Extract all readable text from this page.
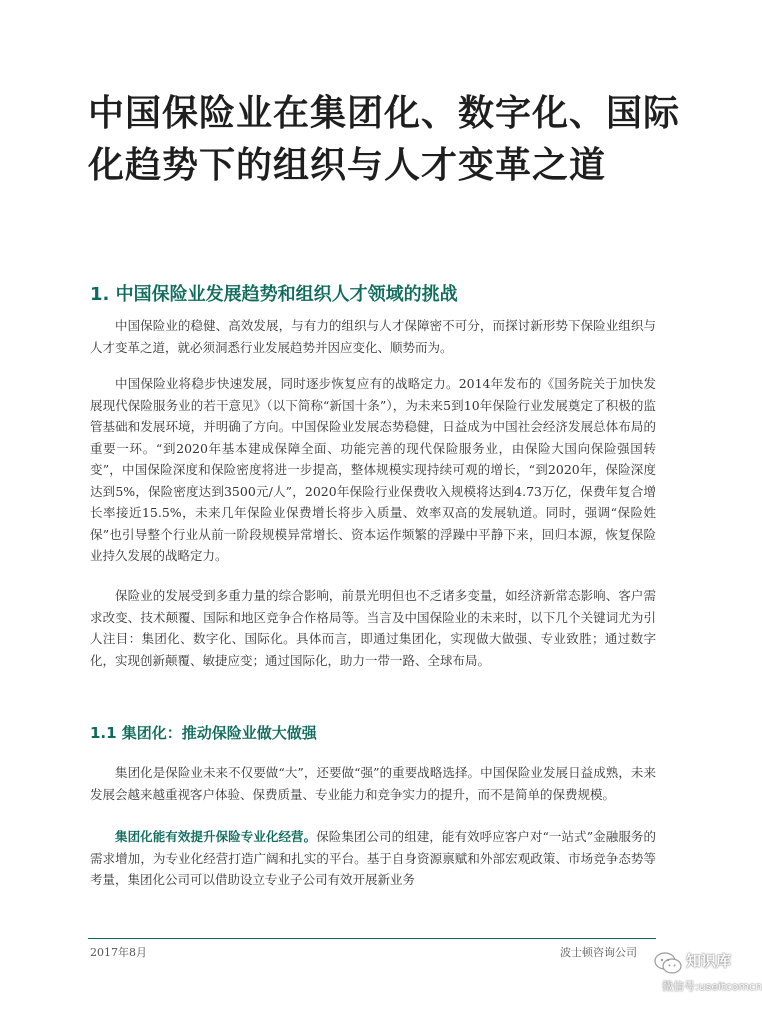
中国保险业在集团化、数字化、国际
化趋势下的组织与人才变革之道
1. 中国保险业发展趋势和组织人才领域的挑战

中国保险业的稳健、高效发展，与有力的组织与人才保障密不可分，而探讨新形势下保险业组织与人才变革之道，就必须洞悉行业发展趋势并因应变化、顺势而为。

中国保险业将稳步快速发展，同时逐步恢复应有的战略定力。2014年发布的《国务院关于加快发展现代保险服务业的若干意见》（以下简称“新国十条”），为未来5到10年保险行业发展奠定了积极的监管基础和发展环境，并明确了方向。中国保险业发展态势稳健，日益成为中国社会经济发展总体布局的重要一环。“到2020年基本建成保障全面、功能完善的现代保险服务业，由保险大国向保险强国转变”，中国保险深度和保险密度将进一步提高，整体规模实现持续可观的增长，“到2020年，保险深度达到5%，保险密度达到3500元/人”，2020年保险行业保费收入规模将达到4.73万亿，保费年复合增长率接近15.5%，未来几年保险业保费增长将步入质量、效率双高的发展轨道。同时，强调“保险姓保”也引导整个行业从前一阶段规模异常增长、资本运作频繁的浮躁中平静下来，回归本源，恢复保险业持久发展的战略定力。

保险业的发展受到多重力量的综合影响，前景光明但也不乏诸多变量，如经济新常态影响、客户需求改变、技术颠覆、国际和地区竞争合作格局等。当言及中国保险业的未来时，以下几个关键词尤为引人注目：集团化、数字化、国际化。具体而言，即通过集团化，实现做大做强、专业致胜；通过数字化，实现创新颠覆、敏捷应变；通过国际化，助力一带一路、全球布局。

1.1 集团化：推动保险业做大做强

集团化是保险业未来不仅要做“大”，还要做“强”的重要战略选择。中国保险业发展日益成熟，未来发展会越来越重视客户体验、保费质量、专业能力和竞争实力的提升，而不是简单的保费规模。

集团化能有效提升保险专业化经营。保险集团公司的组建，能有效呼应客户对“一站式”金融服务的需求增加，为专业化经营打造广阔和扎实的平台。基于自身资源禀赋和外部宏观政策、市场竞争态势等考量，集团化公司可以借助设立专业子公司有效开展新业务

2017年8月	波士顿咨询公司	知识库

微信号:useitcomcn
